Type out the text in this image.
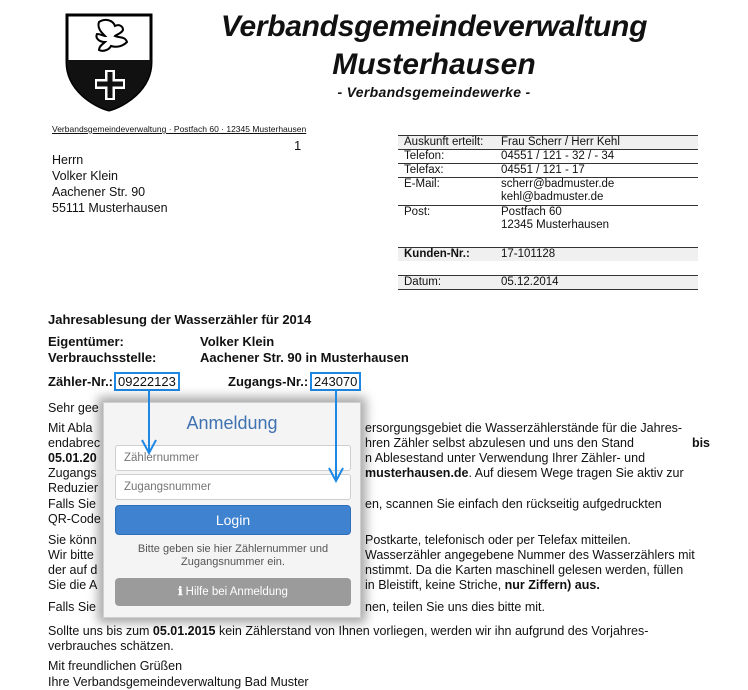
Verbandsgemeindeverwaltung
Musterhausen
- Verbandsgemeindewerke -
Verbandsgemeindeverwaltung · Postfach 60 · 12345 Musterhausen
1
Herrn
Volker Klein
Aachener Str. 90
55111 Musterhausen
Auskunft erteilt: Frau Scherr / Herr Kehl
Telefon:	04551 / 121 - 32 / - 34
Telefax:	04551 / 121 - 17
E-Mail:	scherr@badmuster.de
kehl@badmuster.de
Post:	Postfach 60
12345 Musterhausen
Kunden-Nr.:	17-101128
Datum:	05.12.2014
Jahresablesung der Wasserzähler für 2014
Eigentümer:	Volker Klein
Verbrauchsstelle:	Aachener Str. 90 in Musterhausen
Zähler-Nr.: 09222123	Zugangs-Nr.: 243070
Sehr gee
Mit Abla	ersorgungsgebiet die Wasserzählerstände für die Jahres-
endabrec	hren Zähler selbst abzulesen und uns den Stand	bis
05.01.20	n Ablesestand unter Verwendung Ihrer Zähler- und
Zugangs	musterhausen.de. Auf diesem Wege tragen Sie aktiv zur
Reduzier
Falls Sie	en, scannen Sie einfach den rückseitig aufgedruckten
QR-Code
Sie könn	Postkarte, telefonisch oder per Telefax mitteilen.
Wir bitte	Wasserzähler angegebene Nummer des Wasserzählers mit
der auf d	nstimmt. Da die Karten maschinell gelesen werden, füllen
Sie die A	in Bleistift, keine Striche, nur Ziffern) aus.
Falls Sie	nen, teilen Sie uns dies bitte mit.
Sollte uns bis zum 05.01.2015 kein Zählerstand von Ihnen vorliegen, werden wir ihn aufgrund des Vorjahres-
verbrauches schätzen.
Mit freundlichen Grüßen
Ihre Verbandsgemeindeverwaltung Bad Muster
Anmeldung
Zählernummer
Zugangsnummer
Login
Bitte geben sie hier Zählernummer und
Zugangsnummer ein.
ℹ Hilfe bei Anmeldung
